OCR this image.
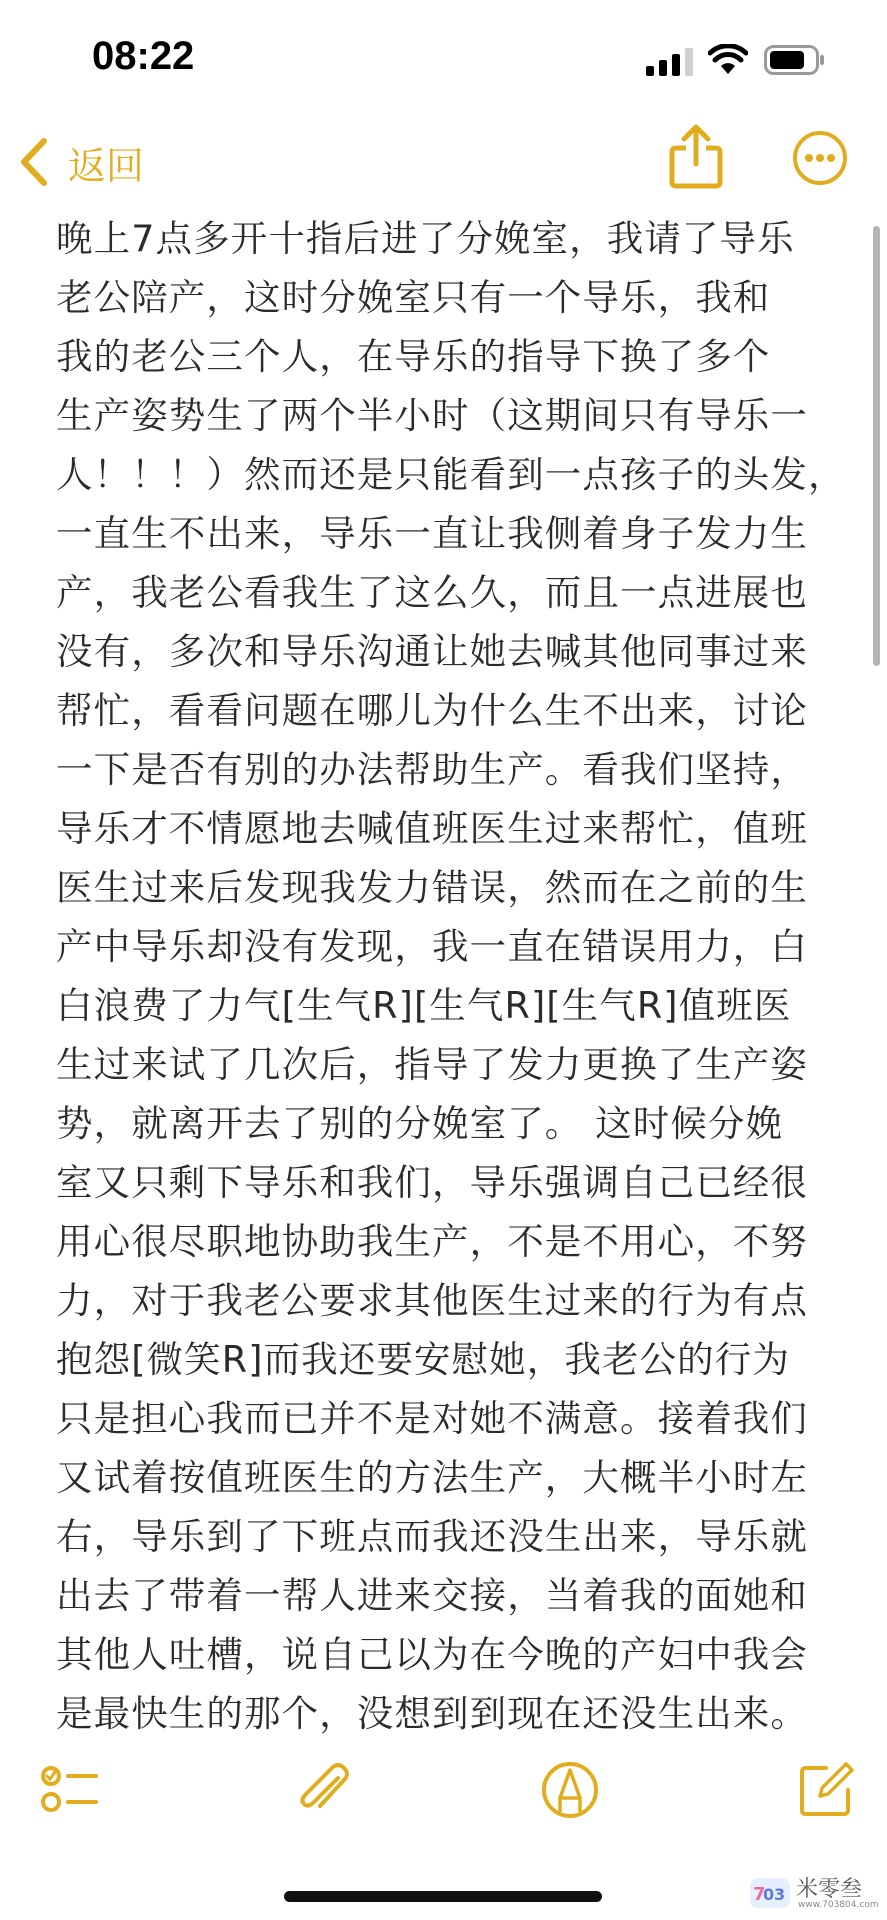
08:22
返回
晚上7点多开十指后进了分娩室，我请了导乐
老公陪产，这时分娩室只有一个导乐，我和
我的老公三个人，在导乐的指导下换了多个
生产姿势生了两个半小时（这期间只有导乐一
人！！！）然而还是只能看到一点孩子的头发，
一直生不出来，导乐一直让我侧着身子发力生
产，我老公看我生了这么久，而且一点进展也
没有，多次和导乐沟通让她去喊其他同事过来
帮忙，看看问题在哪儿为什么生不出来，讨论
一下是否有别的办法帮助生产。看我们坚持，
导乐才不情愿地去喊值班医生过来帮忙，值班
医生过来后发现我发力错误，然而在之前的生
产中导乐却没有发现，我一直在错误用力，白
白浪费了力气[生气R][生气R][生气R]值班医
生过来试了几次后，指导了发力更换了生产姿
势，就离开去了别的分娩室了。 这时候分娩
室又只剩下导乐和我们，导乐强调自己已经很
用心很尽职地协助我生产，不是不用心，不努
力，对于我老公要求其他医生过来的行为有点
抱怨[微笑R]而我还要安慰她，我老公的行为
只是担心我而已并不是对她不满意。接着我们
又试着按值班医生的方法生产，大概半小时左
右，导乐到了下班点而我还没生出来，导乐就
出去了带着一帮人进来交接，当着我的面她和
其他人吐槽，说自己以为在今晚的产妇中我会
是最快生的那个，没想到到现在还没生出来。
7
0 3 米零叁
www.703804.com
